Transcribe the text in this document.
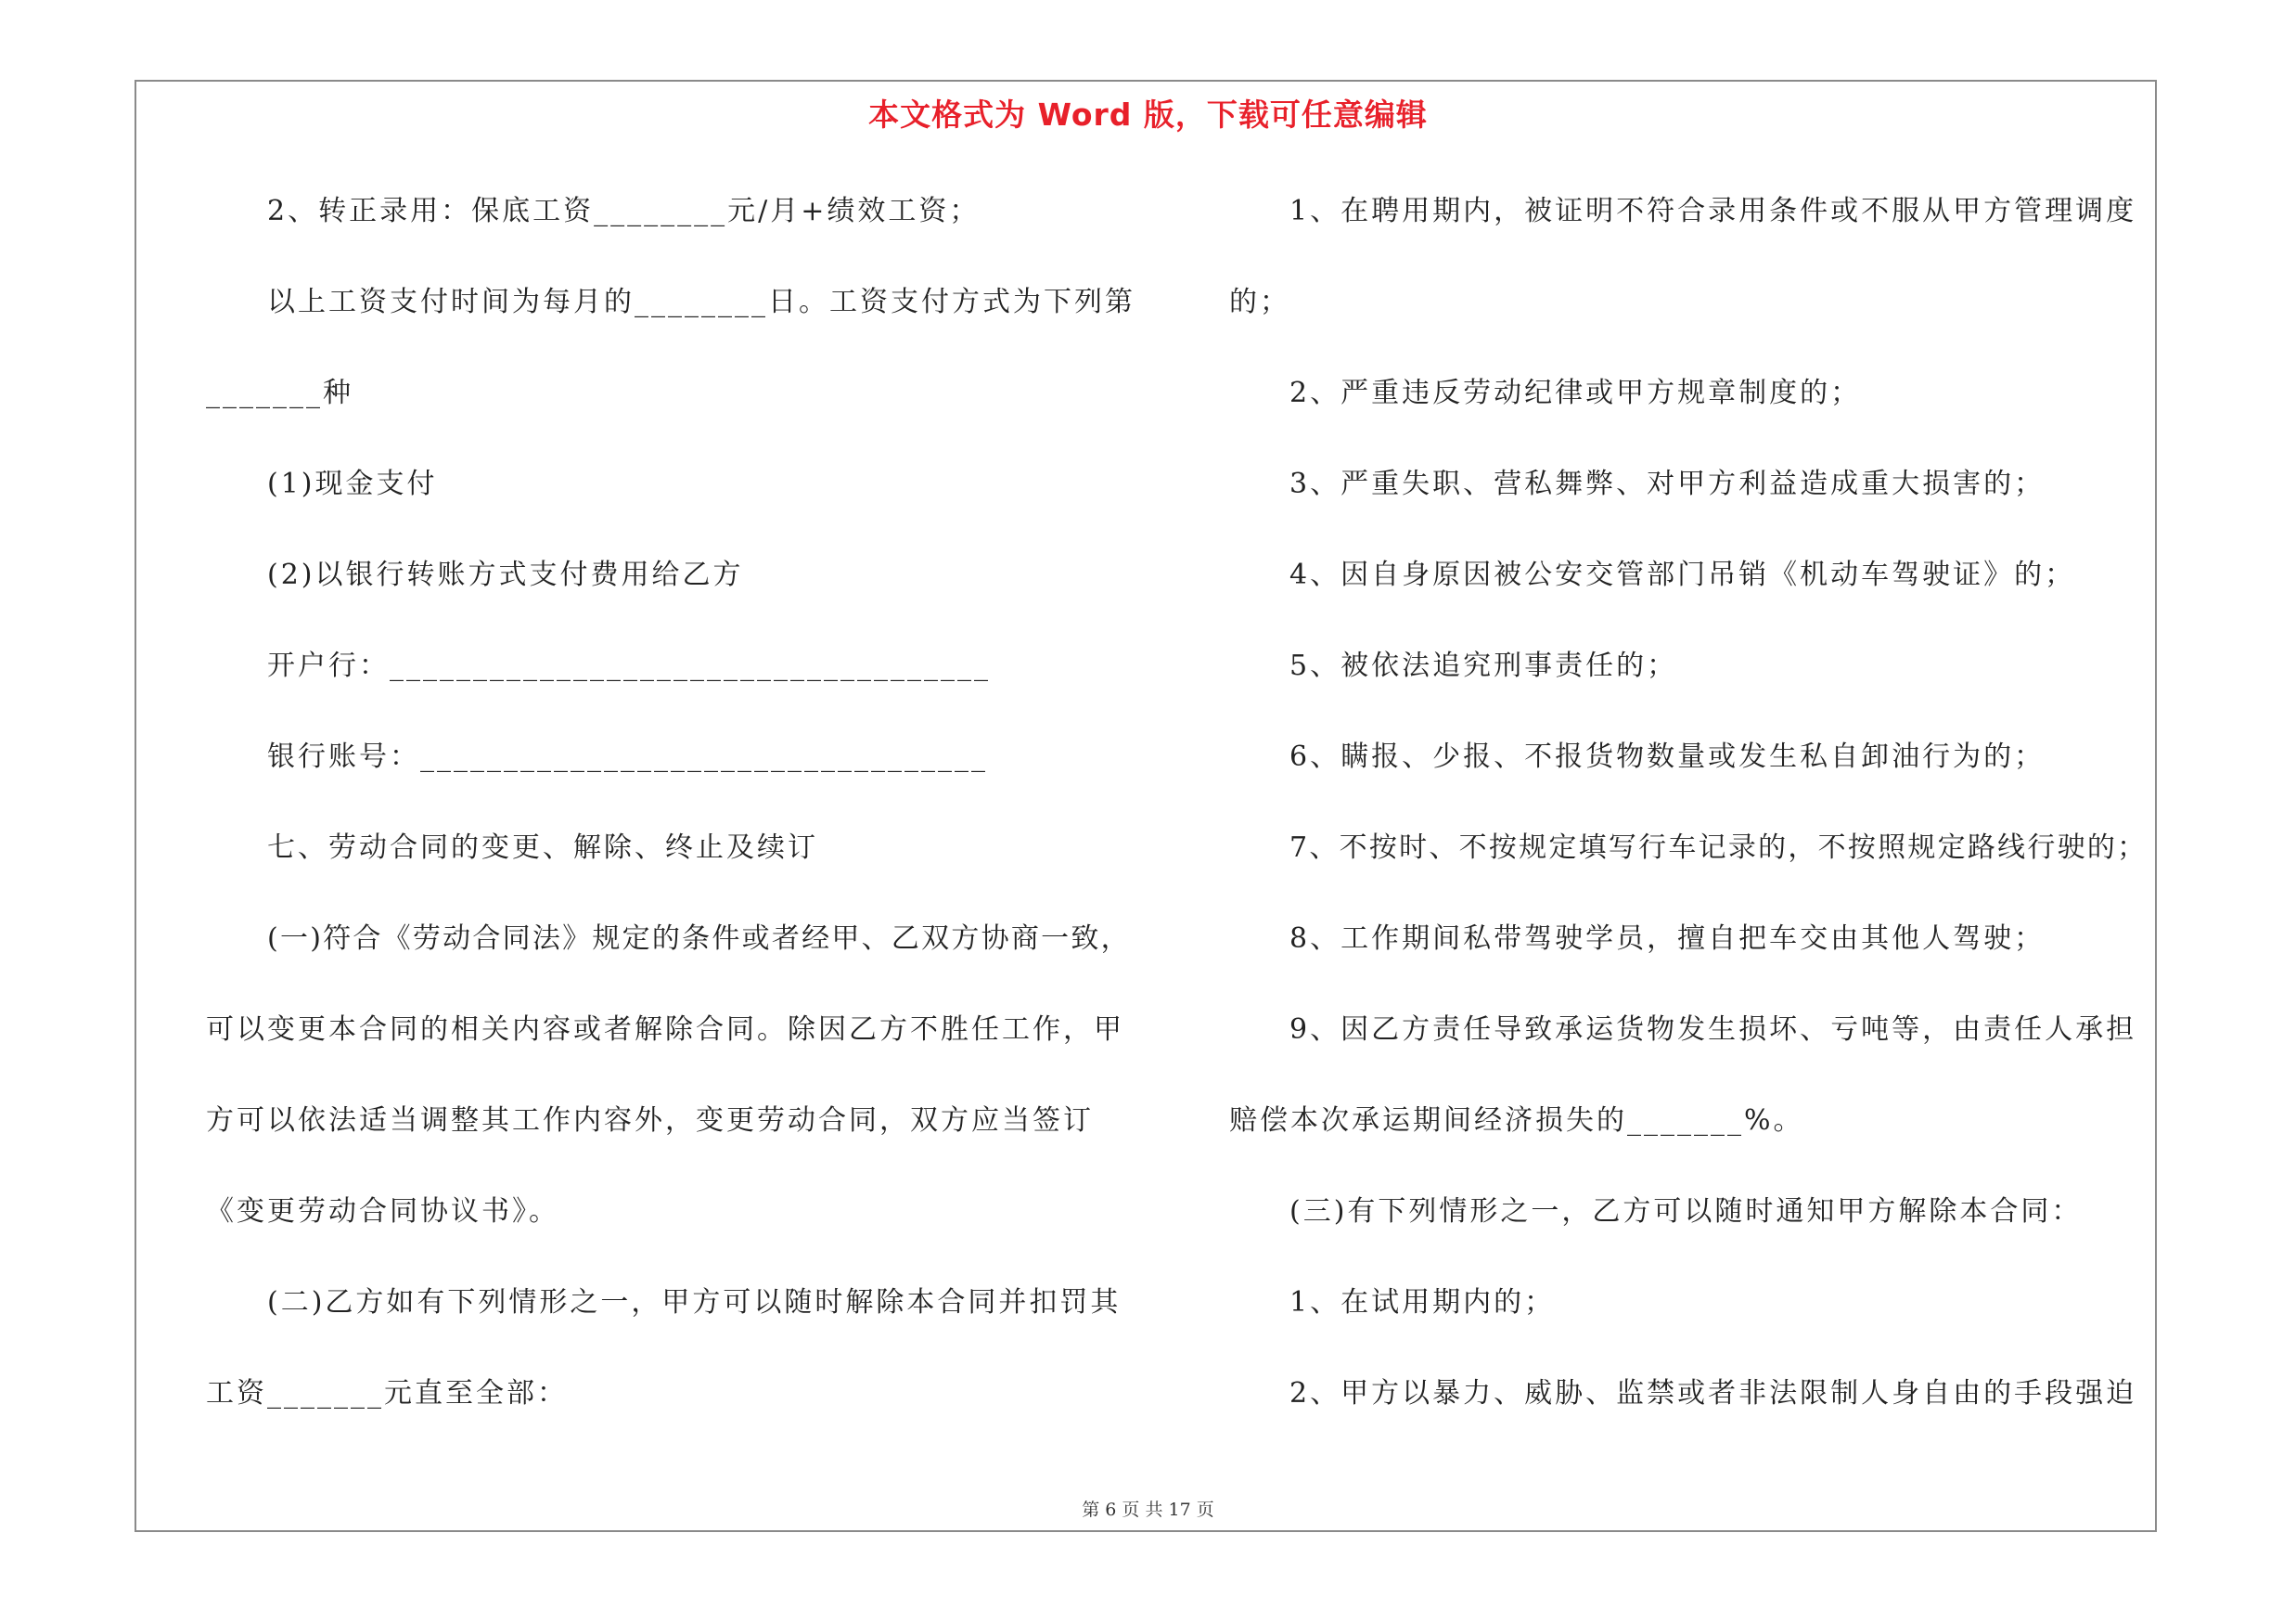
本文格式为 Word 版，下载可任意编辑
2、转正录用：保底工资________元/月+绩效工资；
以上工资支付时间为每月的________日。工资支付方式为下列第
_______种
(1)现金支付
(2)以银行转账方式支付费用给乙方
开户行：____________________________________
银行账号：__________________________________
七、劳动合同的变更、解除、终止及续订
(一)符合《劳动合同法》规定的条件或者经甲、乙双方协商一致，
可以变更本合同的相关内容或者解除合同。除因乙方不胜任工作，甲
方可以依法适当调整其工作内容外，变更劳动合同，双方应当签订
《变更劳动合同协议书》。
(二)乙方如有下列情形之一，甲方可以随时解除本合同并扣罚其
工资_______元直至全部：
1、在聘用期内，被证明不符合录用条件或不服从甲方管理调度
的；
2、严重违反劳动纪律或甲方规章制度的；
3、严重失职、营私舞弊、对甲方利益造成重大损害的；
4、因自身原因被公安交管部门吊销《机动车驾驶证》的；
5、被依法追究刑事责任的；
6、瞒报、少报、不报货物数量或发生私自卸油行为的；
7、不按时、不按规定填写行车记录的，不按照规定路线行驶的；
8、工作期间私带驾驶学员，擅自把车交由其他人驾驶；
9、因乙方责任导致承运货物发生损坏、亏吨等，由责任人承担
赔偿本次承运期间经济损失的_______%。
(三)有下列情形之一，乙方可以随时通知甲方解除本合同：
1、在试用期内的；
2、甲方以暴力、威胁、监禁或者非法限制人身自由的手段强迫
第 6 页 共 17 页
